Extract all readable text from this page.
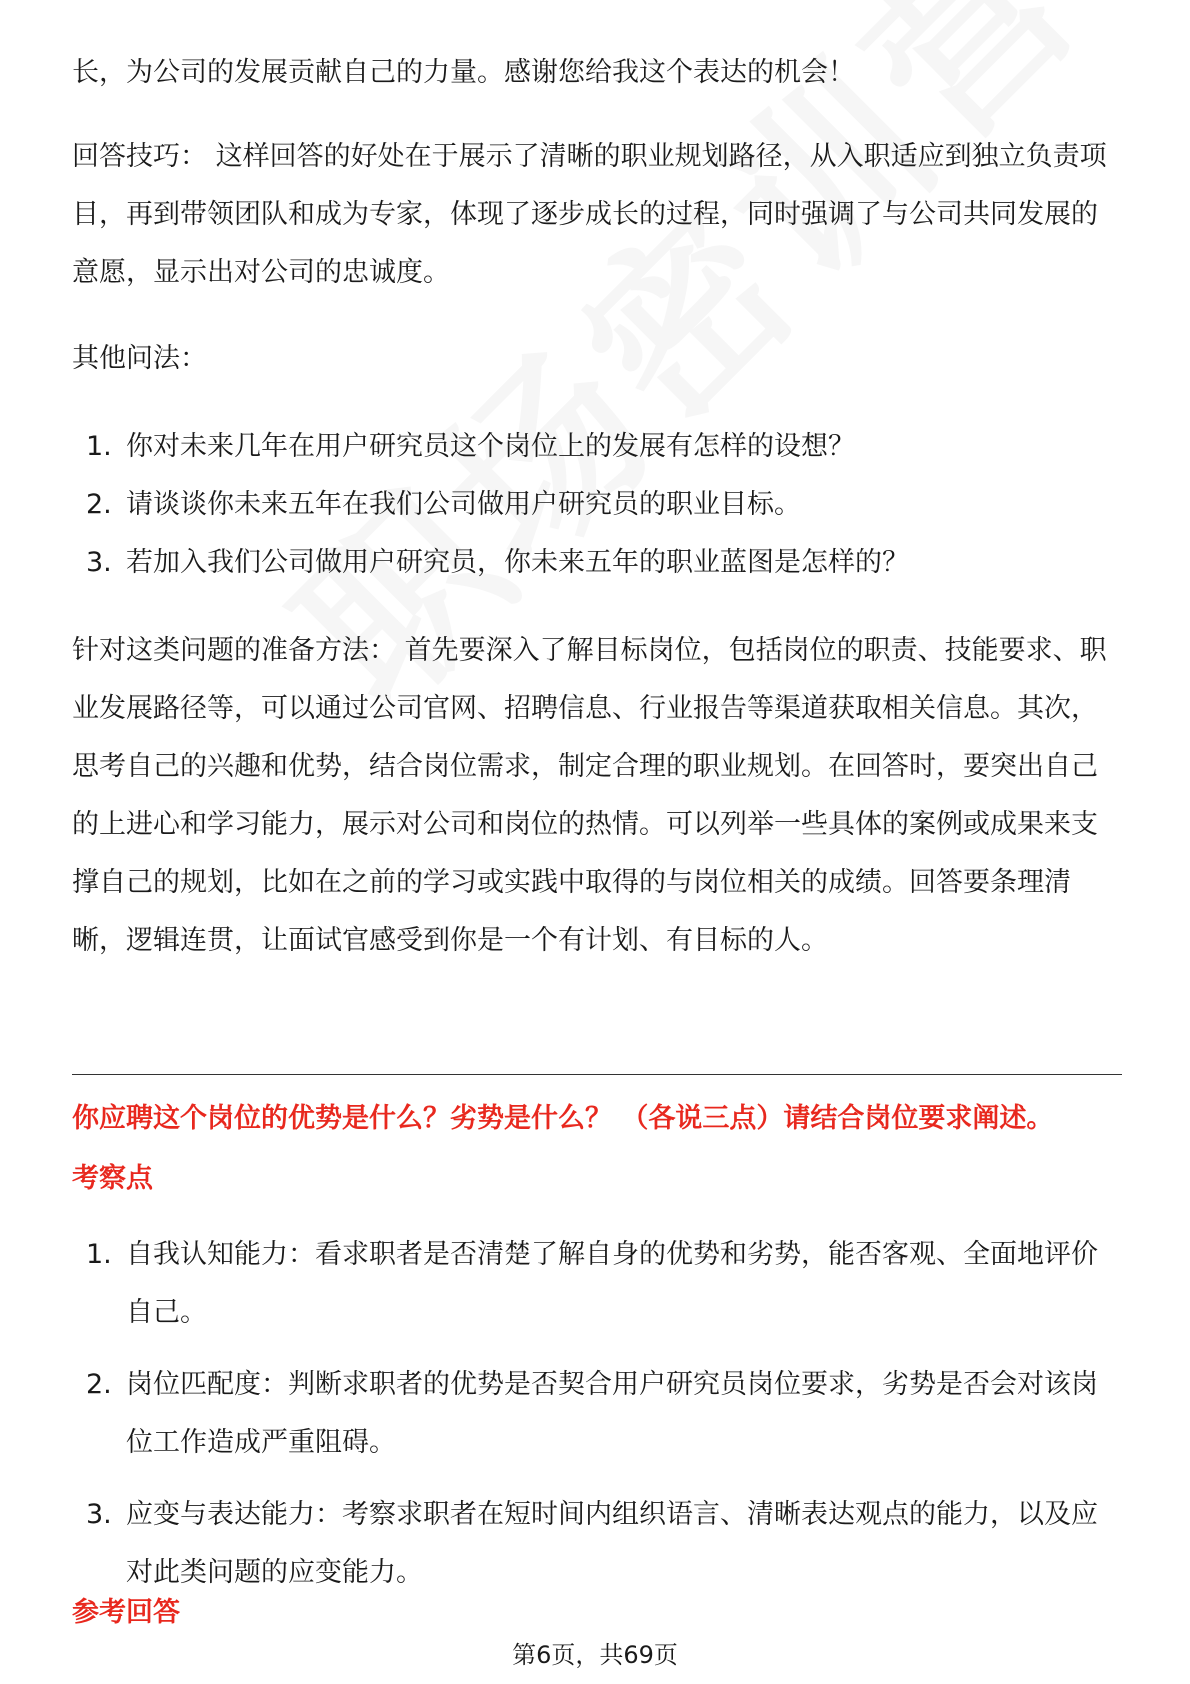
长，为公司的发展贡献自己的力量。感谢您给我这个表达的机会！

回答技巧： 这样回答的好处在于展示了清晰的职业规划路径，从入职适应到独立负责项目，再到带领团队和成为专家，体现了逐步成长的过程，同时强调了与公司共同发展的意愿，显示出对公司的忠诚度。

其他问法：

1. 你对未来几年在用户研究员这个岗位上的发展有怎样的设想？
2. 请谈谈你未来五年在我们公司做用户研究员的职业目标。
3. 若加入我们公司做用户研究员，你未来五年的职业蓝图是怎样的？

针对这类问题的准备方法： 首先要深入了解目标岗位，包括岗位的职责、技能要求、职业发展路径等，可以通过公司官网、招聘信息、行业报告等渠道获取相关信息。其次，思考自己的兴趣和优势，结合岗位需求，制定合理的职业规划。在回答时，要突出自己的上进心和学习能力，展示对公司和岗位的热情。可以列举一些具体的案例或成果来支撑自己的规划，比如在之前的学习或实践中取得的与岗位相关的成绩。回答要条理清晰，逻辑连贯，让面试官感受到你是一个有计划、有目标的人。

你应聘这个岗位的优势是什么？劣势是什么？ （各说三点）请结合岗位要求阐述。
考察点
1. 自我认知能力：看求职者是否清楚了解自身的优势和劣势，能否客观、全面地评价自己。
2. 岗位匹配度：判断求职者的优势是否契合用户研究员岗位要求，劣势是否会对该岗位工作造成严重阻碍。
3. 应变与表达能力：考察求职者在短时间内组织语言、清晰表达观点的能力，以及应对此类问题的应变能力。
参考回答
第6页，共69页
